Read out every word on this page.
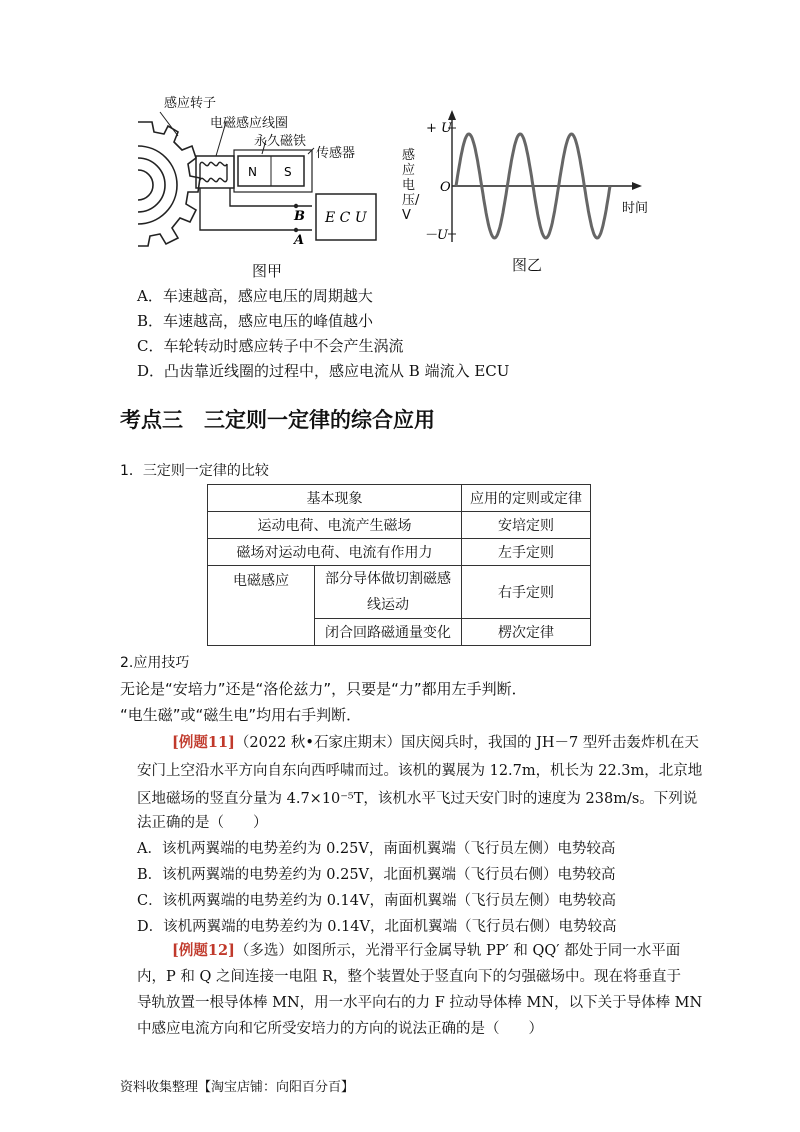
N S
E C U
B
A
感应转子
电磁感应线圈
永久磁铁
传感器
图甲
+ U
O
－U
时间
感应电压/V
图乙
A．车速越高，感应电压的周期越大
B．车速越高，感应电压的峰值越小
C．车轮转动时感应转子中不会产生涡流
D．凸齿靠近线圈的过程中，感应电流从 B 端流入 ECU
考点三　三定则一定律的综合应用
1．三定则一定律的比较
基本现象		应用的定则或定律
运动电荷、电流产生磁场		安培定则
磁场对运动电荷、电流有作用力		左手定则
电磁感应	部分导体做切割磁感
线运动	右手定则
	闭合回路磁通量变化	楞次定律
2.应用技巧
无论是“安培力”还是“洛伦兹力”，只要是“力”都用左手判断．
“电生磁”或“磁生电”均用右手判断．
[例题11]（2022 秋•石家庄期末）国庆阅兵时，我国的 JH－7 型歼击轰炸机在天
安门上空沿水平方向自东向西呼啸而过。该机的翼展为 12.7m，机长为 22.3m，北京地
区地磁场的竖直分量为 4.7×10⁻⁵T，该机水平飞过天安门时的速度为 238m/s。下列说
法正确的是（　　）
A．该机两翼端的电势差约为 0.25V，南面机翼端（飞行员左侧）电势较高
B．该机两翼端的电势差约为 0.25V，北面机翼端（飞行员右侧）电势较高
C．该机两翼端的电势差约为 0.14V，南面机翼端（飞行员左侧）电势较高
D．该机两翼端的电势差约为 0.14V，北面机翼端（飞行员右侧）电势较高
[例题12]（多选）如图所示，光滑平行金属导轨 PP′ 和 QQ′ 都处于同一水平面
内，P 和 Q 之间连接一电阻 R，整个装置处于竖直向下的匀强磁场中。现在将垂直于
导轨放置一根导体棒 MN，用一水平向右的力 F 拉动导体棒 MN，以下关于导体棒 MN
中感应电流方向和它所受安培力的方向的说法正确的是（　　）
资料收集整理【淘宝店铺：向阳百分百】
